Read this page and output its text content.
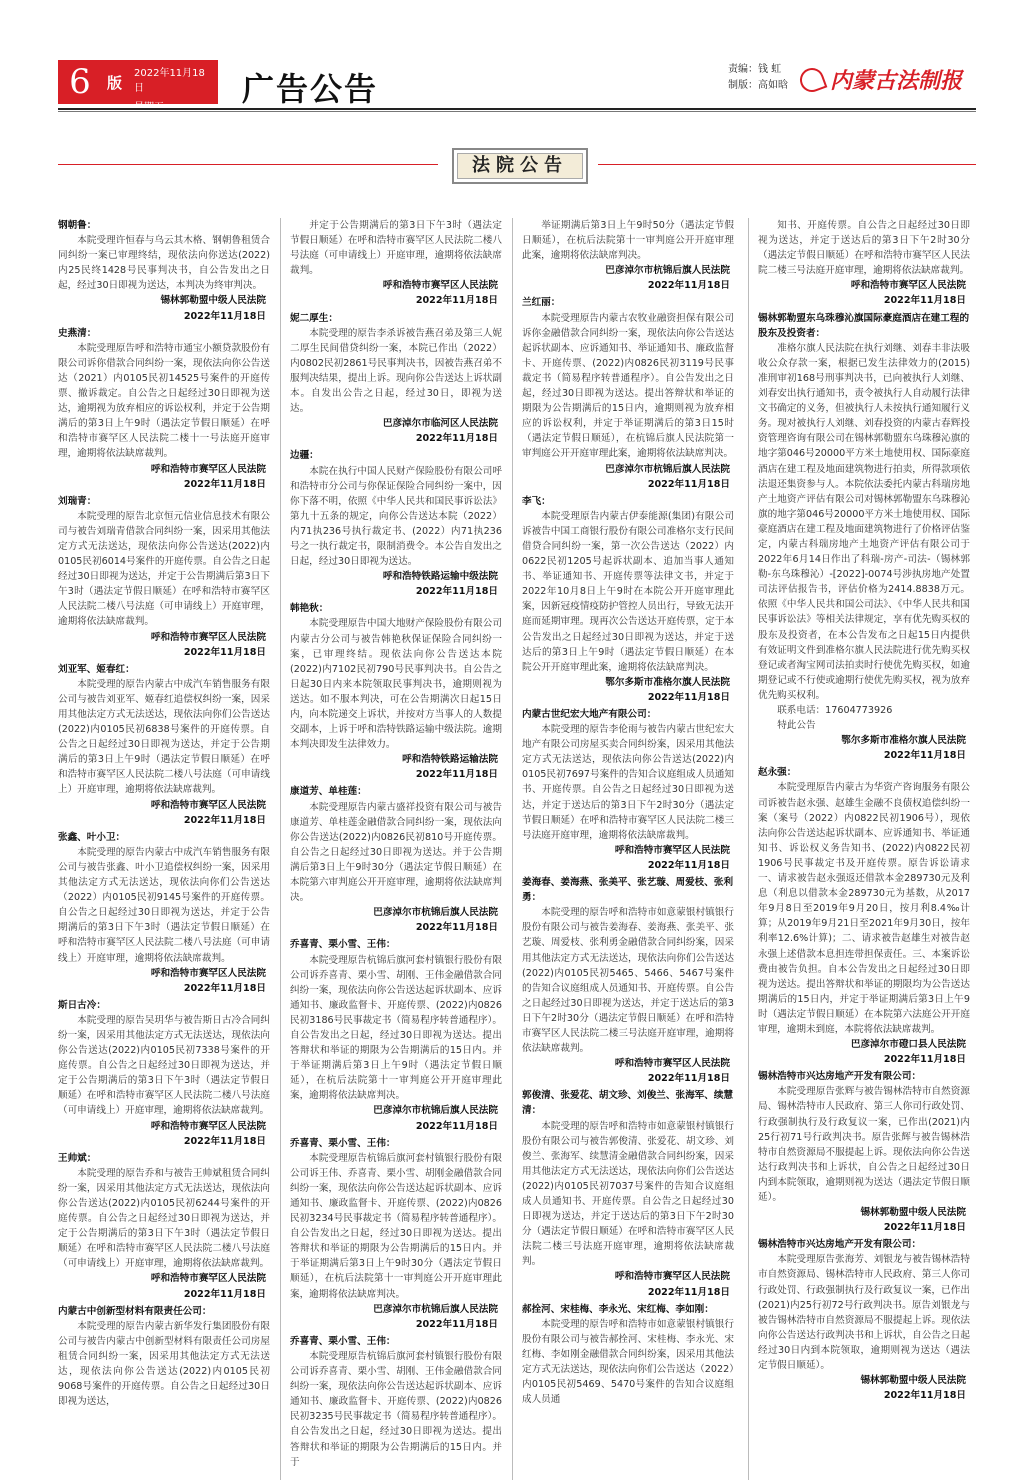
6 版
2022年11月18日	广告公告
责编：钱 虹
制版：高如晗	内蒙古法制报
法院公告

钢朝鲁：

本院受理许恒春与乌云其木格、钢朝鲁租赁合同纠纷一案已审理终结，现依法向你送达(2022)内25民终1428号民事判决书，自公告发出之日起，经过30日即视为送达，本判决为终审判决。

锡林郭勒盟中级人民法院

2022年11月18日

史燕清：

本院受理原告呼和浩特市通宝小额贷款股份有限公司诉你借款合同纠纷一案，现依法向你公告送达（2021）内0105民初14525号案件的开庭传票、撤诉裁定。自公告之日起经过30日即视为送达，逾期视为放弃相应的诉讼权利，并定于公告期满后的第3日上午9时（遇法定节假日顺延）在呼和浩特市赛罕区人民法院二楼十一号法庭开庭审理，逾期将依法缺席裁判。

呼和浩特市赛罕区人民法院

2022年11月18日

刘瑞青：

本院受理的原告北京恒元信业信息技术有限公司与被告刘瑞青借款合同纠纷一案，因采用其他法定方式无法送达，现依法向你公告送达(2022)内0105民初6014号案件的开庭传票。自公告之日起经过30日即视为送达，并定于公告期满后第3日下午3时（遇法定节假日顺延）在呼和浩特市赛罕区人民法院二楼八号法庭（可申请线上）开庭审理，逾期将依法缺席裁判。

呼和浩特市赛罕区人民法院

2022年11月18日

刘亚军、姬春红：

本院受理的原告内蒙古中成汽车销售服务有限公司与被告刘亚军、姬春红追偿权纠纷一案，因采用其他法定方式无法送达，现依法向你们公告送达(2022)内0105民初6838号案件的开庭传票。自公告之日起经过30日即视为送达，并定于公告期满后的第3日上午9时（遇法定节假日顺延）在呼和浩特市赛罕区人民法院二楼八号法庭（可申请线上）开庭审理，逾期将依法缺席裁判。

呼和浩特市赛罕区人民法院

2022年11月18日

张鑫、叶小卫：

本院受理的原告内蒙古中成汽车销售服务有限公司与被告张鑫、叶小卫追偿权纠纷一案，因采用其他法定方式无法送达，现依法向你们公告送达（2022）内0105民初9145号案件的开庭传票。自公告之日起经过30日即视为送达，并定于公告期满后的第3日下午3时（遇法定节假日顺延）在呼和浩特市赛罕区人民法院二楼八号法庭（可申请线上）开庭审理，逾期将依法缺席裁判。

呼和浩特市赛罕区人民法院

2022年11月18日

斯日古冷：

本院受理的原告吴玥华与被告斯日古冷合同纠纷一案，因采用其他法定方式无法送达，现依法向你公告送达(2022)内0105民初7338号案件的开庭传票。自公告之日起经过30日即视为送达，并定于公告期满后的第3日下午3时（遇法定节假日顺延）在呼和浩特市赛罕区人民法院二楼八号法庭（可申请线上）开庭审理，逾期将依法缺席裁判。

呼和浩特市赛罕区人民法院

2022年11月18日

王帅斌：

本院受理的原告乔和与被告王帅斌租赁合同纠纷一案，因采用其他法定方式无法送达，现依法向你公告送达(2022)内0105民初6244号案件的开庭传票。自公告之日起经过30日即视为送达，并定于公告期满后的第3日下午3时（遇法定节假日顺延）在呼和浩特市赛罕区人民法院二楼八号法庭（可申请线上）开庭审理，逾期将依法缺席裁判。

呼和浩特市赛罕区人民法院

2022年11月18日

内蒙古中创新型材料有限责任公司：

本院受理的原告内蒙古新华发行集团股份有限公司与被告内蒙古中创新型材料有限责任公司房屋租赁合同纠纷一案，因采用其他法定方式无法送达，现依法向你公告送达(2022)内0105民初9068号案件的开庭传票。自公告之日起经过30日即视为送达，

并定于公告期满后的第3日下午3时（遇法定节假日顺延）在呼和浩特市赛罕区人民法院二楼八号法庭（可申请线上）开庭审理，逾期将依法缺席裁判。

呼和浩特市赛罕区人民法院

2022年11月18日

妮二厚生：

本院受理的原告李杀诉被告燕召弟及第三人妮二厚生民间借贷纠纷一案，本院已作出（2022）内0802民初2861号民事判决书，因被告燕召弟不服判决结果，提出上诉。现向你公告送达上诉状副本。自发出公告之日起，经过30日，即视为送达。

巴彦淖尔市临河区人民法院

2022年11月18日

边疆：

本院在执行中国人民财产保险股份有限公司呼和浩特市分公司与你保证保险合同纠纷一案中，因你下落不明，依照《中华人民共和国民事诉讼法》第九十五条的规定，向你公告送达本院（2022）内71执236号执行裁定书、(2022）内71执236号之一执行裁定书，限制消费令。本公告自发出之日起，经过30日即视为送达。

呼和浩特铁路运输中级法院

2022年11月18日

韩艳秋：

本院受理原告中国大地财产保险股份有限公司内蒙古分公司与被告韩艳秋保证保险合同纠纷一案，已审理终结。现依法向你公告送达本院(2022)内7102民初790号民事判决书。自公告之日起30日内来本院领取民事判决书，逾期则视为送达。如不服本判决，可在公告期满次日起15日内，向本院递交上诉状，并按对方当事人的人数提交副本，上诉于呼和浩特铁路运输中级法院。逾期本判决即发生法律效力。

呼和浩特铁路运输法院

2022年11月18日

康道芳、单桂莲：

本院受理原告内蒙古盛祥投资有限公司与被告康道芳、单桂莲金融借款合同纠纷一案，现依法向你公告送达(2022)内0826民初810号开庭传票。自公告之日起经过30日即视为送达。并于公告期满后第3日上午9时30分（遇法定节假日顺延）在本院第六审判庭公开开庭审理，逾期将依法缺席判决。

巴彦淖尔市杭锦后旗人民法院

2022年11月18日

乔喜青、栗小雪、王伟：

本院受理原告杭锦后旗河套村镇银行股份有限公司诉乔喜青、栗小雪、胡刚、王伟金融借款合同纠纷一案，现依法向你公告送达起诉状副本、应诉通知书、廉政监督卡、开庭传票、(2022)内0826民初3186号民事裁定书（简易程序转普通程序）。自公告发出之日起，经过30日即视为送达。提出答辩状和举证的期限为公告期满后的15日内。并于举证期满后第3日上午9时（遇法定节假日顺延），在杭后法院第十一审判庭公开开庭审理此案，逾期将依法缺席判决。

巴彦淖尔市杭锦后旗人民法院

2022年11月18日

乔喜青、栗小雪、王伟：

本院受理原告杭锦后旗河套村镇银行股份有限公司诉王伟、乔喜青、栗小雪、胡刚金融借款合同纠纷一案，现依法向你公告送达起诉状副本、应诉通知书、廉政监督卡、开庭传票、(2022)内0826民初3234号民事裁定书（简易程序转普通程序）。自公告发出之日起，经过30日即视为送达。提出答辩状和举证的期限为公告期满后的15日内。并于举证期满后第3日上午9时30分（遇法定节假日顺延），在杭后法院第十一审判庭公开开庭审理此案，逾期将依法缺席判决。

巴彦淖尔市杭锦后旗人民法院

2022年11月18日

乔喜青、栗小雪、王伟：

本院受理原告杭锦后旗河套村镇银行股份有限公司诉乔喜青、栗小雪、胡刚、王伟金融借款合同纠纷一案，现依法向你公告送达起诉状副本、应诉通知书、廉政监督卡、开庭传票、(2022)内0826民初3235号民事裁定书（简易程序转普通程序）。自公告发出之日起，经过30日即视为送达。提出答辩状和举证的期限为公告期满后的15日内。并于

举证期满后第3日上午9时50分（遇法定节假日顺延），在杭后法院第十一审判庭公开开庭审理此案，逾期将依法缺席判决。

巴彦淖尔市杭锦后旗人民法院

2022年11月18日

兰红丽：

本院受理原告内蒙古农牧业融资担保有限公司诉你金融借款合同纠纷一案，现依法向你公告送达起诉状副本、应诉通知书、举证通知书、廉政监督卡、开庭传票、(2022)内0826民初3119号民事裁定书（简易程序转普通程序）。自公告发出之日起，经过30日即视为送达。提出答辩状和举证的期限为公告期满后的15日内，逾期则视为放弃相应的诉讼权利，并定于举证期满后的第3日15时（遇法定节假日顺延），在杭锦后旗人民法院第一审判庭公开开庭审理此案，逾期将依法缺席判决。

巴彦淖尔市杭锦后旗人民法院

2022年11月18日

李飞：

本院受理原告内蒙古伊泰能源(集团)有限公司诉被告中国工商银行股份有限公司准格尔支行民间借贷合同纠纷一案，第一次公告送达（2022）内0622民初1205号起诉状副本、追加当事人通知书、举证通知书、开庭传票等法律文书，并定于2022年10月8日上午9时在本院公开开庭审理此案，因新冠疫情疫防护管控人员出行，导致无法开庭而延期审理。现再次公告送达开庭传票，定于本公告发出之日起经过30日即视为送达，并定于送达后的第3日上午9时（遇法定节假日顺延）在本院公开开庭审理此案，逾期将依法缺席判决。

鄂尔多斯市准格尔旗人民法院

2022年11月18日

内蒙古世纪宏大地产有限公司：

本院受理的原告李伦雨与被告内蒙古世纪宏大地产有限公司房屋买卖合同纠纷案，因采用其他法定方式无法送达，现依法向你公告送达(2022)内0105民初7697号案件的告知合议庭组成人员通知书、开庭传票。自公告之日起经过30日即视为送达，并定于送达后的第3日下午2时30分（遇法定节假日顺延）在呼和浩特市赛罕区人民法院二楼三号法庭开庭审理，逾期将依法缺席裁判。

呼和浩特市赛罕区人民法院

2022年11月18日

姜海春、姜海燕、张美平、张艺璇、周爱枝、张利勇：

本院受理的原告呼和浩特市如意蒙银村镇银行股份有限公司与被告姜海春、姜海燕、张美平、张艺璇、周爱枝、张利勇金融借款合同纠纷案，因采用其他法定方式无法送达，现依法向你们公告送达(2022)内0105民初5465、5466、5467号案件的告知合议庭组成人员通知书、开庭传票。自公告之日起经过30日即视为送达，并定于送达后的第3日下午2时30分（遇法定节假日顺延）在呼和浩特市赛罕区人民法院二楼三号法庭开庭审理，逾期将依法缺席裁判。

呼和浩特市赛罕区人民法院

2022年11月18日

郭俊清、张爱花、胡文珍、刘俊兰、张海军、续慧清：

本院受理的原告呼和浩特市如意蒙银村镇银行股份有限公司与被告郭俊清、张爱花、胡文珍、刘俊兰、张海军、续慧清金融借款合同纠纷案，因采用其他法定方式无法送达，现依法向你们公告送达(2022)内0105民初7037号案件的告知合议庭组成人员通知书、开庭传票。自公告之日起经过30日即视为送达，并定于送达后的第3日下午2时30分（遇法定节假日顺延）在呼和浩特市赛罕区人民法院二楼三号法庭开庭审理，逾期将依法缺席裁判。

呼和浩特市赛罕区人民法院

2022年11月18日

郝拴河、宋桂梅、李永光、宋红梅、李如刚：

本院受理的原告呼和浩特市如意蒙银村镇银行股份有限公司与被告郝拴河、宋桂梅、李永光、宋红梅、李如刚金融借款合同纠纷案，因采用其他法定方式无法送达，现依法向你们公告送达（2022）内0105民初5469、5470号案件的告知合议庭组成人员通

知书、开庭传票。自公告之日起经过30日即视为送达，并定于送达后的第3日下午2时30分（遇法定节假日顺延）在呼和浩特市赛罕区人民法院二楼三号法庭开庭审理，逾期将依法缺席裁判。

呼和浩特市赛罕区人民法院

2022年11月18日

锡林郭勒盟东乌珠穆沁旗国际豪庭酒店在建工程的股东及投资者：

准格尔旗人民法院在执行刘继、刘春丰非法吸收公众存款一案，根据已发生法律效力的(2015)准刑审初168号刑事判决书，已向被执行人刘继、刘春安出执行通知书，责令被执行人自动履行法律文书确定的义务，但被执行人未按执行通知履行义务。现对被执行人刘继、刘春投资的内蒙古春辉投资管理咨询有限公司在锡林郭勒盟东乌珠穆沁旗的地字第046号20000平方米土地使用权、国际豪庭酒店在建工程及地面建筑物进行拍卖，所得款项依法退还集资参与人。本院依法委托内蒙古科瑞房地产土地资产评估有限公司对锡林郭勒盟东乌珠穆沁旗的地字第046号20000平方米土地使用权、国际豪庭酒店在建工程及地面建筑物进行了价格评估鉴定，内蒙古科瑞房地产土地资产评估有限公司于2022年6月14日作出了科瑞-房产-司法-（锡林郭勒-东乌珠穆沁）-[2022]-0074号涉执房地产处置司法评估报告书，评估价格为2414.8838万元。依照《中华人民共和国公司法》、《中华人民共和国民事诉讼法》等相关法律规定，享有优先购买权的股东及投资者，在本公告发布之日起15日内提供有效证明文件到准格尔旗人民法院进行优先购买权登记或者淘宝网司法拍卖时行使优先购买权，如逾期登记或不行使或逾期行使优先购买权，视为放弃优先购买权利。

联系电话：17604773926

特此公告

鄂尔多斯市准格尔旗人民法院

2022年11月18日

赵永强：

本院受理原告内蒙古为华资产咨询服务有限公司诉被告赵永强、赵雄生金融不良债权追偿纠纷一案（案号（2022）内0822民初1906号），现依法向你公告送达起诉状副本、应诉通知书、举证通知书、诉讼权义务告知书、(2022)内0822民初1906号民事裁定书及开庭传票。原告诉讼请求一、请求被告赵永强返还借款本金289730元及利息（利息以借款本金289730元为基数，从2017年9月8日至2019年9月20日，按月利8.4‰计算；从2019年9月21日至2021年9月30日，按年利率12.6%计算)；二、请求被告赵雄生对被告赵永强上述借款本息担连带担保责任。三、本案诉讼费由被告负担。自本公告发出之日起经过30日即视为送达。提出答辩状和举证的期限均为公告送达期满后的15日内，并定于举证期满后第3日上午9时（遇法定节假日顺延）在本院第六法庭公开开庭审理，逾期未到庭，本院将依法缺席裁判。

巴彦淖尔市磴口县人民法院

2022年11月18日

锡林浩特市兴达房地产开发有限公司：

本院受理原告张辉与被告锡林浩特市自然资源局、锡林浩特市人民政府、第三人你司行政处罚、行政强制执行及行政复议一案，已作出(2021)内25行初71号行政判决书。原告张辉与被告锡林浩特市自然资源局不服提起上诉。现依法向你公告送达行政判决书和上诉状，自公告之日起经过30日内到本院领取，逾期则视为送达（遇法定节假日顺延）。

锡林郭勒盟中级人民法院

2022年11月18日

锡林浩特市兴达房地产开发有限公司：

本院受理原告张海芳、刘银龙与被告锡林浩特市自然资源局、锡林浩特市人民政府、第三人你司行政处罚、行政强制执行及行政复议一案，已作出(2021)内25行初72号行政判决书。原告刘银龙与被告锡林浩特市自然资源局不服提起上诉。现依法向你公告送达行政判决书和上诉状，自公告之日起经过30日内到本院领取，逾期则视为送达（遇法定节假日顺延）。

锡林郭勒盟中级人民法院

2022年11月18日
